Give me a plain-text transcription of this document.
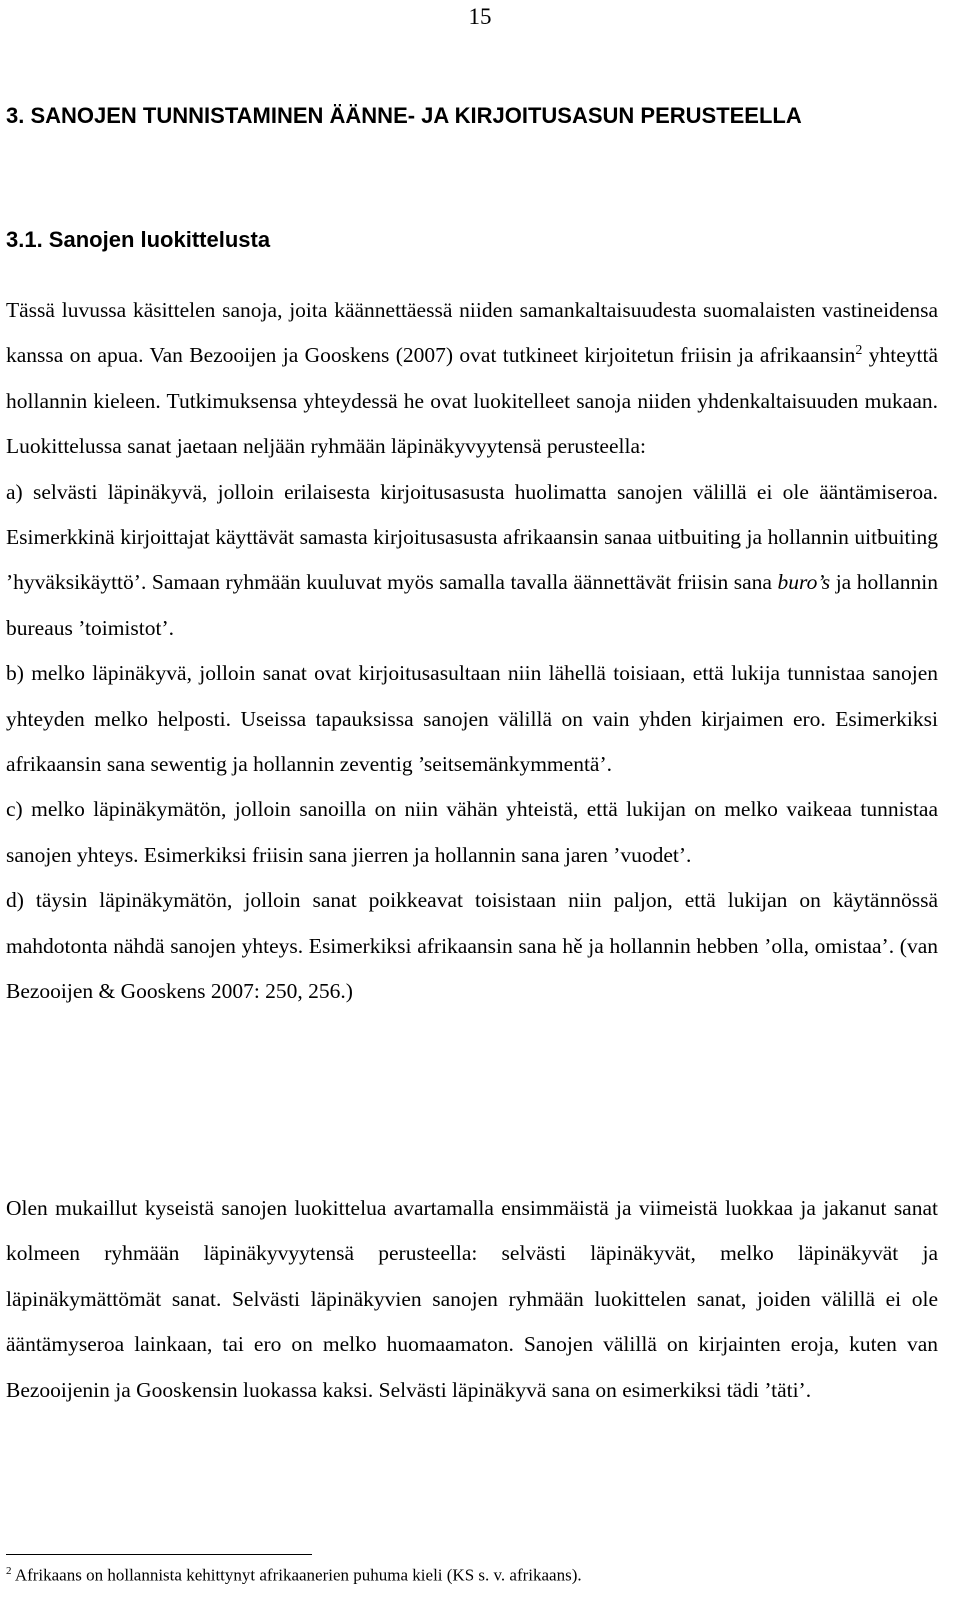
15
3. SANOJEN TUNNISTAMINEN ÄÄNNE- JA KIRJOITUSASUN PERUSTEELLA
3.1. Sanojen luokittelusta

Tässä luvussa käsittelen sanoja, joita käännettäessä niiden samankaltaisuudesta suomalaisten vastineidensa kanssa on apua. Van Bezooijen ja Gooskens (2007) ovat tutkineet kirjoitetun friisin ja afrikaansin$^2$ yhteyttä hollannin kieleen. Tutkimuksensa yhteydessä he ovat luokitelleet sanoja niiden yhdenkaltaisuuden mukaan. Luokittelussa sanat jaetaan neljään ryhmään läpinäkyvyytensä perusteella:

a) selvästi läpinäkyvä, jolloin erilaisesta kirjoitusasusta huolimatta sanojen välillä ei ole ääntämiseroa. Esimerkkinä kirjoittajat käyttävät samasta kirjoitusasusta afrikaansin sanaa uitbuiting ja hollannin uitbuiting ’hyväksikäyttö’. Samaan ryhmään kuuluvat myös samalla tavalla äännettävät friisin sana buro’s ja hollannin bureaus ’toimistot’.

b) melko läpinäkyvä, jolloin sanat ovat kirjoitusasultaan niin lähellä toisiaan, että lukija tunnistaa sanojen yhteyden melko helposti. Useissa tapauksissa sanojen välillä on vain yhden kirjaimen ero. Esimerkiksi afrikaansin sana sewentig ja hollannin zeventig ’seitsemänkymmentä’.

c) melko läpinäkymätön, jolloin sanoilla on niin vähän yhteistä, että lukijan on melko vaikeaa tunnistaa sanojen yhteys. Esimerkiksi friisin sana jierren ja hollannin sana jaren ’vuodet’.

d) täysin läpinäkymätön, jolloin sanat poikkeavat toisistaan niin paljon, että lukijan on käytännössä mahdotonta nähdä sanojen yhteys. Esimerkiksi afrikaansin sana hě ja hollannin hebben ’olla, omistaa’. (van Bezooijen & Gooskens 2007: 250, 256.)

Olen mukaillut kyseistä sanojen luokittelua avartamalla ensimmäistä ja viimeistä luokkaa ja jakanut sanat kolmeen ryhmään läpinäkyvyytensä perusteella: selvästi läpinäkyvät, melko läpinäkyvät ja läpinäkymättömät sanat. Selvästi läpinäkyvien sanojen ryhmään luokittelen sanat, joiden välillä ei ole ääntämyseroa lainkaan, tai ero on melko huomaamaton. Sanojen välillä on kirjainten eroja, kuten van Bezooijenin ja Gooskensin luokassa kaksi. Selvästi läpinäkyvä sana on esimerkiksi tädi ’täti’.

$^2$ Afrikaans on hollannista kehittynyt afrikaanerien puhuma kieli (KS s. v. afrikaans).
